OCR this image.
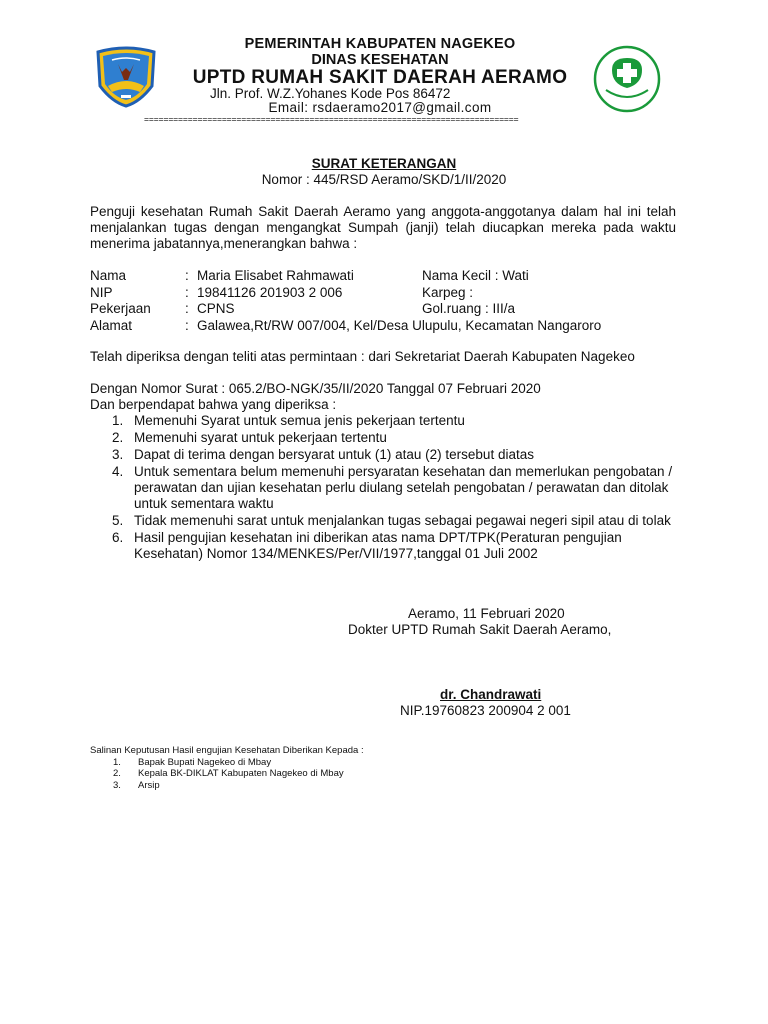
PEMERINTAH KABUPATEN NAGEKEO
DINAS KESEHATAN
UPTD RUMAH SAKIT DAERAH AERAMO
Jln. Prof. W.Z.Yohanes Kode Pos 86472
Email: rsdaeramo2017@gmail.com
=============================================================================
SURAT KETERANGAN
Nomor : 445/RSD Aeramo/SKD/1/II/2020
Penguji kesehatan Rumah Sakit Daerah Aeramo yang anggota-anggotanya dalam hal ini telah menjalankan tugas dengan mengangkat Sumpah (janji) telah diucapkan mereka pada waktu menerima jabatannya,menerangkan bahwa :
Nama	: Maria Elisabet Rahmawati	Nama Kecil : Wati
NIP	: 19841126 201903 2 006	Karpeg :
Pekerjaan	: CPNS	Gol.ruang : III/a
Alamat	: Galawea,Rt/RW 007/004, Kel/Desa Ulupulu, Kecamatan Nangaroro
Telah diperiksa dengan teliti atas permintaan : dari Sekretariat Daerah Kabupaten Nagekeo
Dengan Nomor Surat : 065.2/BO-NGK/35/II/2020 Tanggal 07 Februari 2020
Dan berpendapat bahwa yang diperiksa :
1. Memenuhi Syarat untuk semua jenis pekerjaan tertentu
2. Memenuhi syarat untuk pekerjaan tertentu
3. Dapat di terima dengan bersyarat untuk (1) atau (2) tersebut diatas
4. Untuk sementara belum memenuhi persyaratan kesehatan dan memerlukan pengobatan / perawatan dan ujian kesehatan perlu diulang setelah pengobatan / perawatan dan ditolak untuk sementara waktu
5. Tidak memenuhi sarat untuk menjalankan tugas sebagai pegawai negeri sipil atau di tolak
6. Hasil pengujian kesehatan ini diberikan atas nama DPT/TPK(Peraturan pengujian Kesehatan) Nomor 134/MENKES/Per/VII/1977,tanggal 01 Juli 2002
Aeramo, 11 Februari 2020
Dokter UPTD Rumah Sakit Daerah Aeramo,
dr. Chandrawati
NIP.19760823 200904 2 001
Salinan Keputusan Hasil engujian Kesehatan Diberikan Kepada :
1. Bapak Bupati Nagekeo di Mbay
2. Kepala BK-DIKLAT Kabupaten Nagekeo di Mbay
3. Arsip
